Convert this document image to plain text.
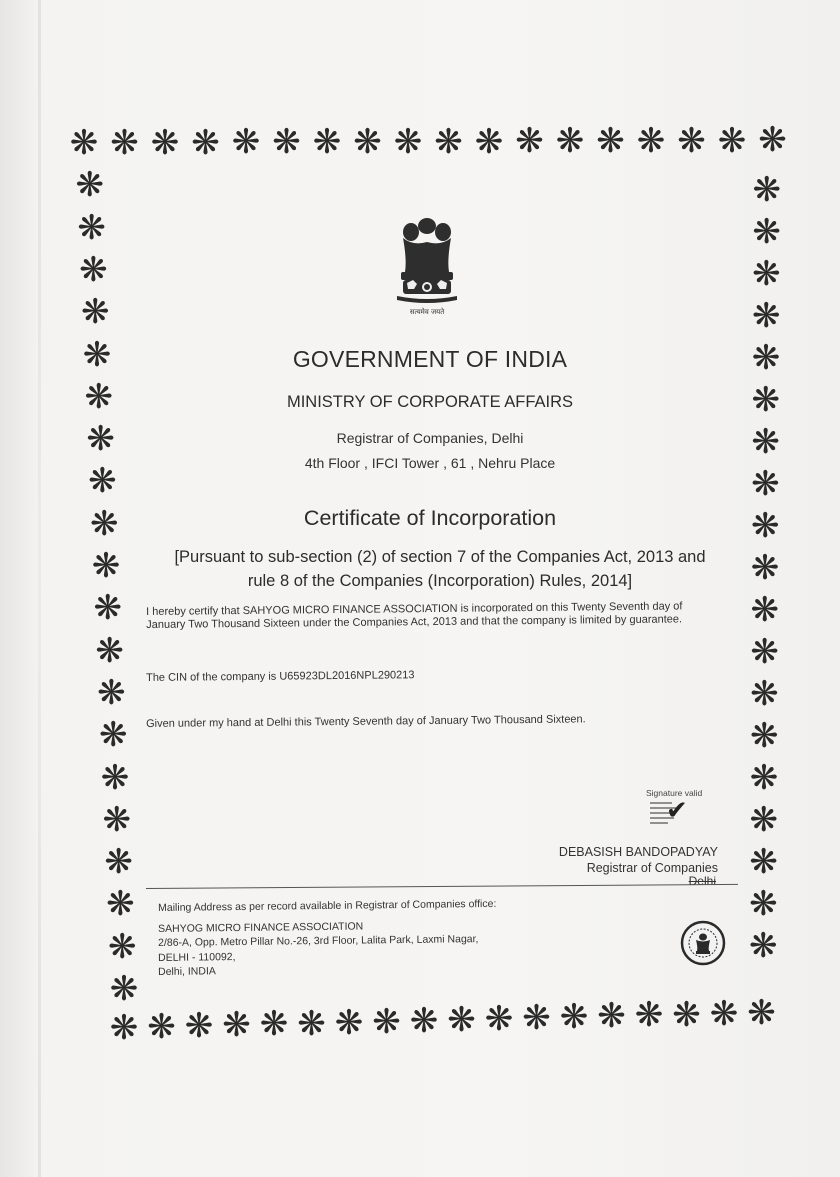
❋ ❋ ❋ ❋ ❋ ❋ ❋ ❋ ❋ ❋ ❋ ❋ ❋ ❋ ❋ ❋ ❋ ❋
❋
❋
❋
❋
❋
❋
❋
❋
❋
❋
❋
❋
❋
❋
❋
❋
❋
❋
❋
❋
❋
❋
❋
❋
❋
❋
❋
❋
❋
❋
❋
❋
❋
❋
❋
❋
❋
❋
❋
❋ ❋ ❋ ❋ ❋ ❋ ❋ ❋ ❋ ❋ ❋ ❋ ❋ ❋ ❋ ❋ ❋ ❋
सत्यमेव जयते
GOVERNMENT OF INDIA
MINISTRY OF CORPORATE AFFAIRS
Registrar of Companies, Delhi
4th Floor , IFCI Tower , 61 , Nehru Place
Certificate of Incorporation
[Pursuant to sub-section (2) of section 7 of the Companies Act, 2013 and
rule 8 of the Companies (Incorporation) Rules, 2014]
I hereby certify that SAHYOG MICRO FINANCE ASSOCIATION is incorporated on this Twenty Seventh day of January Two Thousand Sixteen under the Companies Act, 2013 and that the company is limited by guarantee.
The CIN of the company is U65923DL2016NPL290213
Given under my hand at Delhi this Twenty Seventh day of January Two Thousand Sixteen.
Signature valid
✔
DEBASISH BANDOPADYAY
Registrar of Companies
Delhi
Mailing Address as per record available in Registrar of Companies office:
SAHYOG MICRO FINANCE ASSOCIATION
2/86-A, Opp. Metro Pillar No.-26, 3rd Floor, Lalita Park, Laxmi Nagar,
DELHI - 110092,
Delhi, INDIA
